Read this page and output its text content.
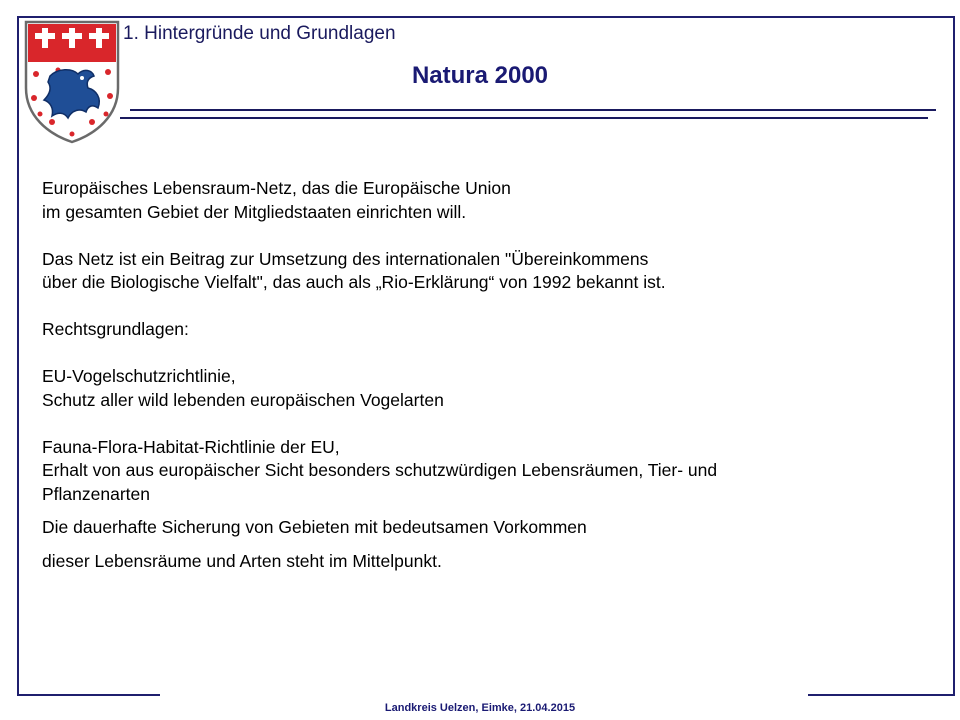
1. Hintergründe und Grundlagen
Natura 2000

Europäisches Lebensraum-Netz, das die Europäische Union

im gesamten Gebiet der Mitgliedstaaten einrichten will.

Das Netz ist ein Beitrag zur Umsetzung des internationalen "Übereinkommens

über die Biologische Vielfalt", das auch als „Rio-Erklärung“ von 1992 bekannt ist.

Rechtsgrundlagen:

EU-Vogelschutzrichtlinie,

Schutz aller wild lebenden europäischen Vogelarten

Fauna-Flora-Habitat-Richtlinie der EU,

Erhalt von aus europäischer Sicht besonders schutzwürdigen Lebensräumen, Tier- und

Pflanzenarten

Die dauerhafte Sicherung von Gebieten mit bedeutsamen Vorkommen

dieser Lebensräume und Arten steht im Mittelpunkt.

Landkreis Uelzen, Eimke, 21.04.2015
